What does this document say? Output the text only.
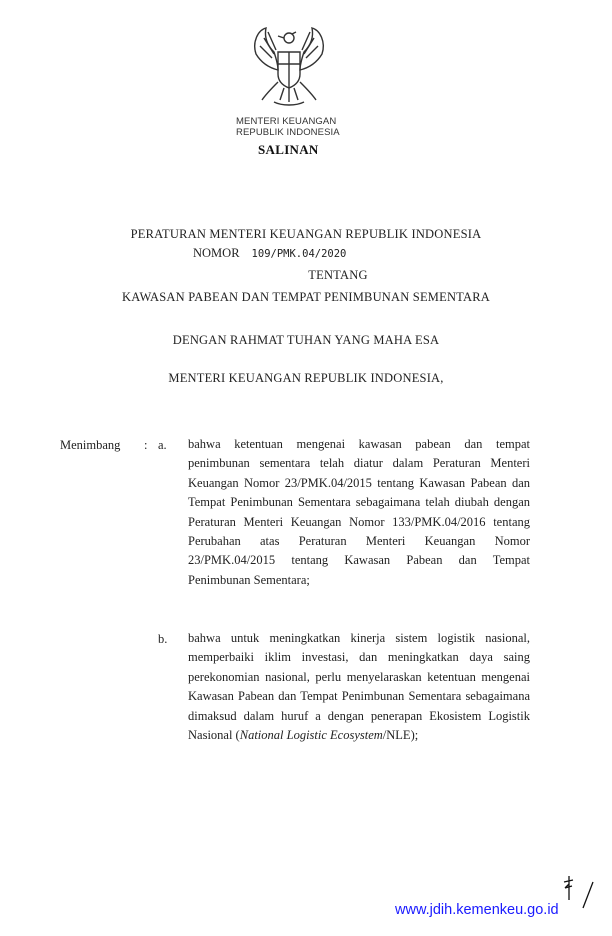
MENTERI KEUANGAN
REPUBLIK INDONESIA
SALINAN
PERATURAN MENTERI KEUANGAN REPUBLIK INDONESIA
NOMOR 109/PMK.04/2020
TENTANG
KAWASAN PABEAN DAN TEMPAT PENIMBUNAN SEMENTARA
DENGAN RAHMAT TUHAN YANG MAHA ESA
MENTERI KEUANGAN REPUBLIK INDONESIA,
Menimbang : a. bahwa ketentuan mengenai kawasan pabean dan tempat penimbunan sementara telah diatur dalam Peraturan Menteri Keuangan Nomor 23/PMK.04/2015 tentang Kawasan Pabean dan Tempat Penimbunan Sementara sebagaimana telah diubah dengan Peraturan Menteri Keuangan Nomor 133/PMK.04/2016 tentang Perubahan atas Peraturan Menteri Keuangan Nomor 23/PMK.04/2015 tentang Kawasan Pabean dan Tempat Penimbunan Sementara;

b. bahwa untuk meningkatkan kinerja sistem logistik nasional, memperbaiki iklim investasi, dan meningkatkan daya saing perekonomian nasional, perlu menyelaraskan ketentuan mengenai Kawasan Pabean dan Tempat Penimbunan Sementara sebagaimana dimaksud dalam huruf a dengan penerapan Ekosistem Logistik Nasional (National Logistic Ecosystem/NLE);

www.jdih.kemenkeu.go.id
